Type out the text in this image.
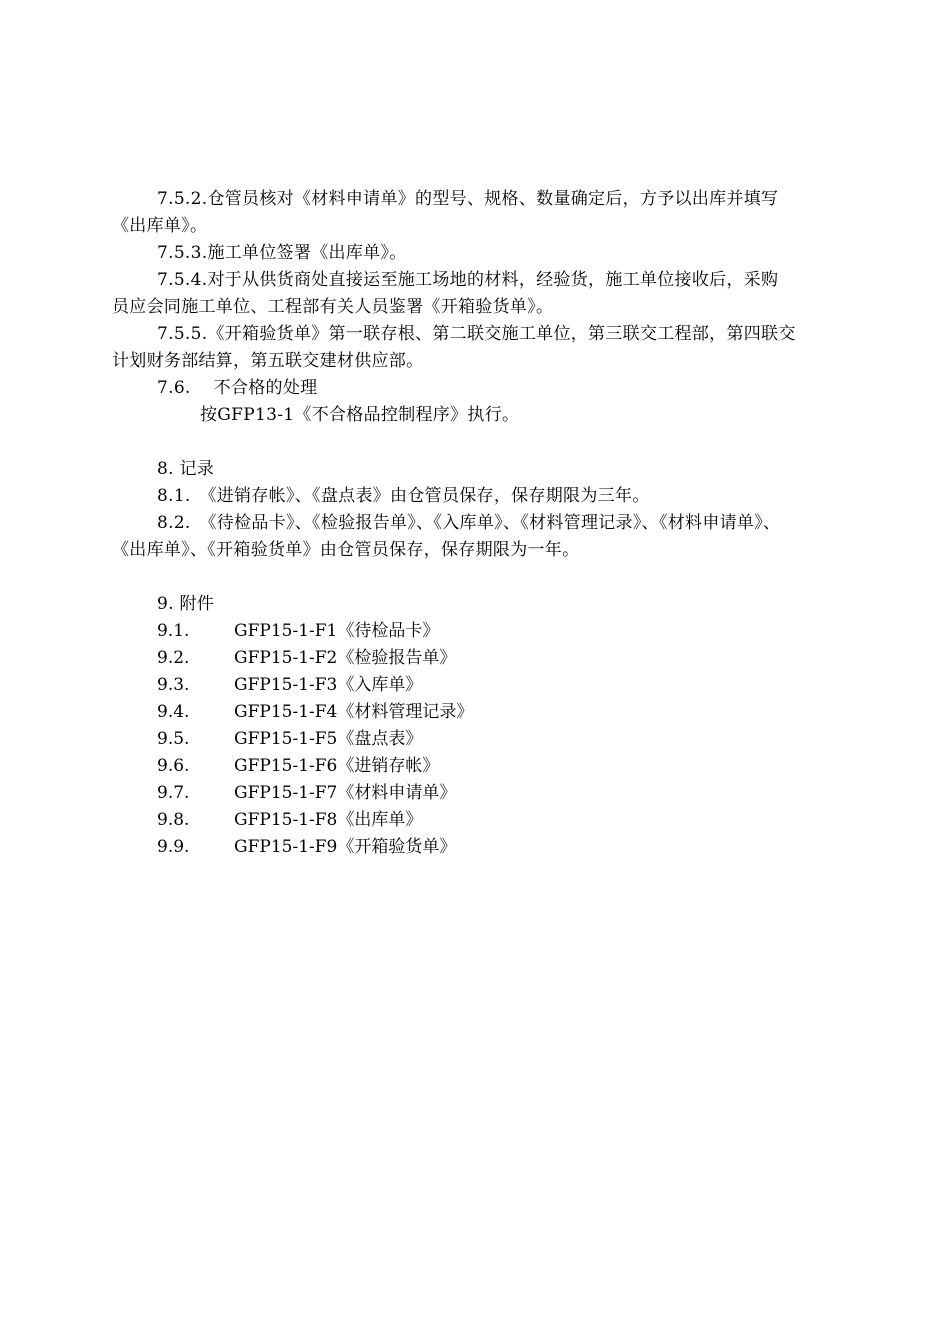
7.5.2.仓管员核对《材料申请单》的型号、规格、数量确定后，方予以出库并填写
《出库单》。
7.5.3.施工单位签署《出库单》。
7.5.4.对于从供货商处直接运至施工场地的材料，经验货，施工单位接收后，采购
员应会同施工单位、工程部有关人员鉴署《开箱验货单》。
7.5.5.《开箱验货单》第一联存根、第二联交施工单位，第三联交工程部，第四联交
计划财务部结算，第五联交建材供应部。
7.6.　 不合格的处理
按GFP13-1《不合格品控制程序》执行。
8. 记录
8.1.　《进销存帐》、《盘点表》由仓管员保存，保存期限为三年。
8.2.　《待检品卡》、《检验报告单》、《入库单》、《材料管理记录》、《材料申请单》、
《出库单》、《开箱验货单》由仓管员保存，保存期限为一年。
9. 附件
9.1.	GFP15-1-F1《待检品卡》
9.2.	GFP15-1-F2《检验报告单》
9.3.	GFP15-1-F3《入库单》
9.4.	GFP15-1-F4《材料管理记录》
9.5.	GFP15-1-F5《盘点表》
9.6.	GFP15-1-F6《进销存帐》
9.7.	GFP15-1-F7《材料申请单》
9.8.	GFP15-1-F8《出库单》
9.9.	GFP15-1-F9《开箱验货单》
